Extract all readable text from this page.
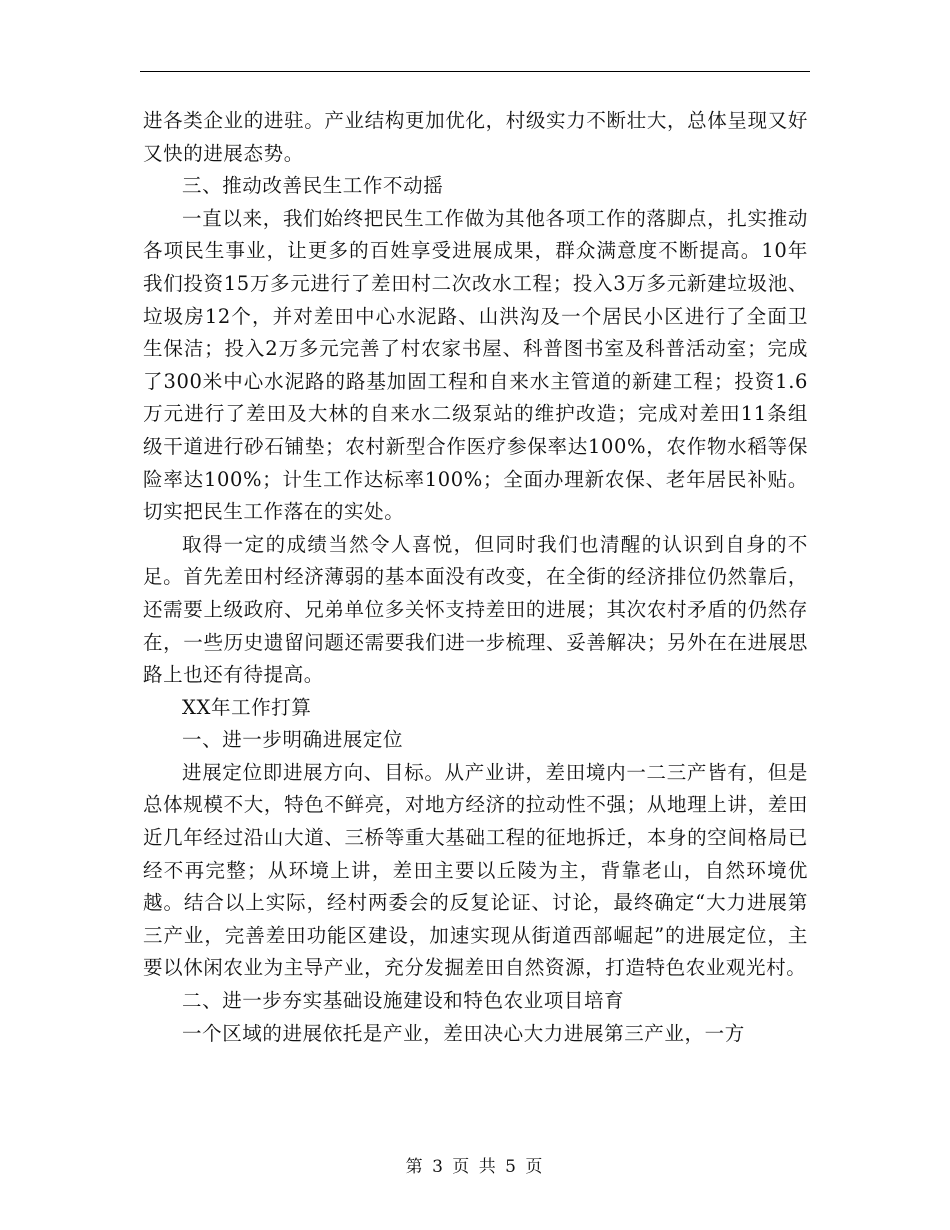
进各类企业的进驻。产业结构更加优化，村级实力不断壮大，总体呈现又好又快的进展态势。

三、推动改善民生工作不动摇

一直以来，我们始终把民生工作做为其他各项工作的落脚点，扎实推动各项民生事业，让更多的百姓享受进展成果，群众满意度不断提高。10年我们投资15万多元进行了差田村二次改水工程；投入3万多元新建垃圾池、垃圾房12个，并对差田中心水泥路、山洪沟及一个居民小区进行了全面卫生保洁；投入2万多元完善了村农家书屋、科普图书室及科普活动室；完成了300米中心水泥路的路基加固工程和自来水主管道的新建工程；投资1.6万元进行了差田及大林的自来水二级泵站的维护改造；完成对差田11条组级干道进行砂石铺垫；农村新型合作医疗参保率达100%，农作物水稻等保险率达100%；计生工作达标率100%；全面办理新农保、老年居民补贴。切实把民生工作落在的实处。

取得一定的成绩当然令人喜悦，但同时我们也清醒的认识到自身的不足。首先差田村经济薄弱的基本面没有改变，在全街的经济排位仍然靠后，还需要上级政府、兄弟单位多关怀支持差田的进展；其次农村矛盾的仍然存在，一些历史遗留问题还需要我们进一步梳理、妥善解决；另外在在进展思路上也还有待提高。

XX年工作打算

一、进一步明确进展定位

进展定位即进展方向、目标。从产业讲，差田境内一二三产皆有，但是总体规模不大，特色不鲜亮，对地方经济的拉动性不强；从地理上讲，差田近几年经过沿山大道、三桥等重大基础工程的征地拆迁，本身的空间格局已经不再完整；从环境上讲，差田主要以丘陵为主，背靠老山，自然环境优越。结合以上实际，经村两委会的反复论证、讨论，最终确定“大力进展第三产业，完善差田功能区建设，加速实现从街道西部崛起”的进展定位，主要以休闲农业为主导产业，充分发掘差田自然资源，打造特色农业观光村。

二、进一步夯实基础设施建设和特色农业项目培育

一个区域的进展依托是产业，差田决心大力进展第三产业，一方

第 3 页 共 5 页
